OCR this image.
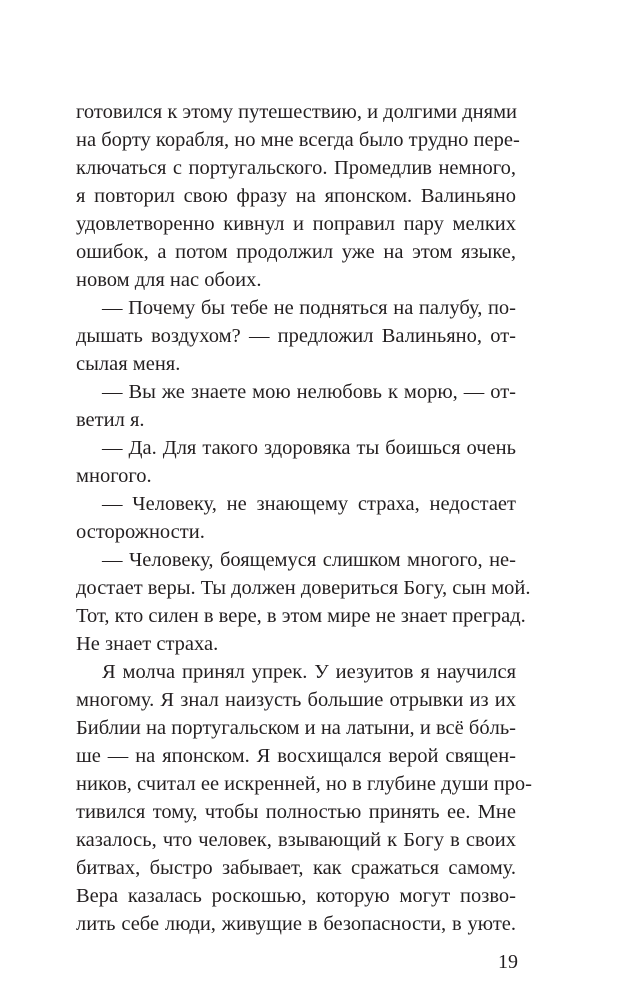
готовился к этому путешествию, и долгими днями
на борту корабля, но мне всегда было трудно пере-
ключаться с португальского. Промедлив немного,
я повторил свою фразу на японском. Валиньяно
удовлетворенно кивнул и поправил пару мелких
ошибок, а потом продолжил уже на этом языке,
новом для нас обоих.
— Почему бы тебе не подняться на палубу, по-
дышать воздухом? — предложил Валиньяно, от-
сылая меня.
— Вы же знаете мою нелюбовь к морю, — от-
ветил я.
— Да. Для такого здоровяка ты боишься очень
многого.
— Человеку, не знающему страха, недостает
осторожности.
— Человеку, боящемуся слишком многого, не-
достает веры. Ты должен довериться Богу, сын мой.
Тот, кто силен в вере, в этом мире не знает преград.
Не знает страха.
Я молча принял упрек. У иезуитов я научился
многому. Я знал наизусть большие отрывки из их
Библии на португальском и на латыни, и всё бóль-
ше — на японском. Я восхищался верой священ-
ников, считал ее искренней, но в глубине души про-
тивился тому, чтобы полностью принять ее. Мне
казалось, что человек, взывающий к Богу в своих
битвах, быстро забывает, как сражаться самому.
Вера казалась роскошью, которую могут позво-
лить себе люди, живущие в безопасности, в уюте.
19
